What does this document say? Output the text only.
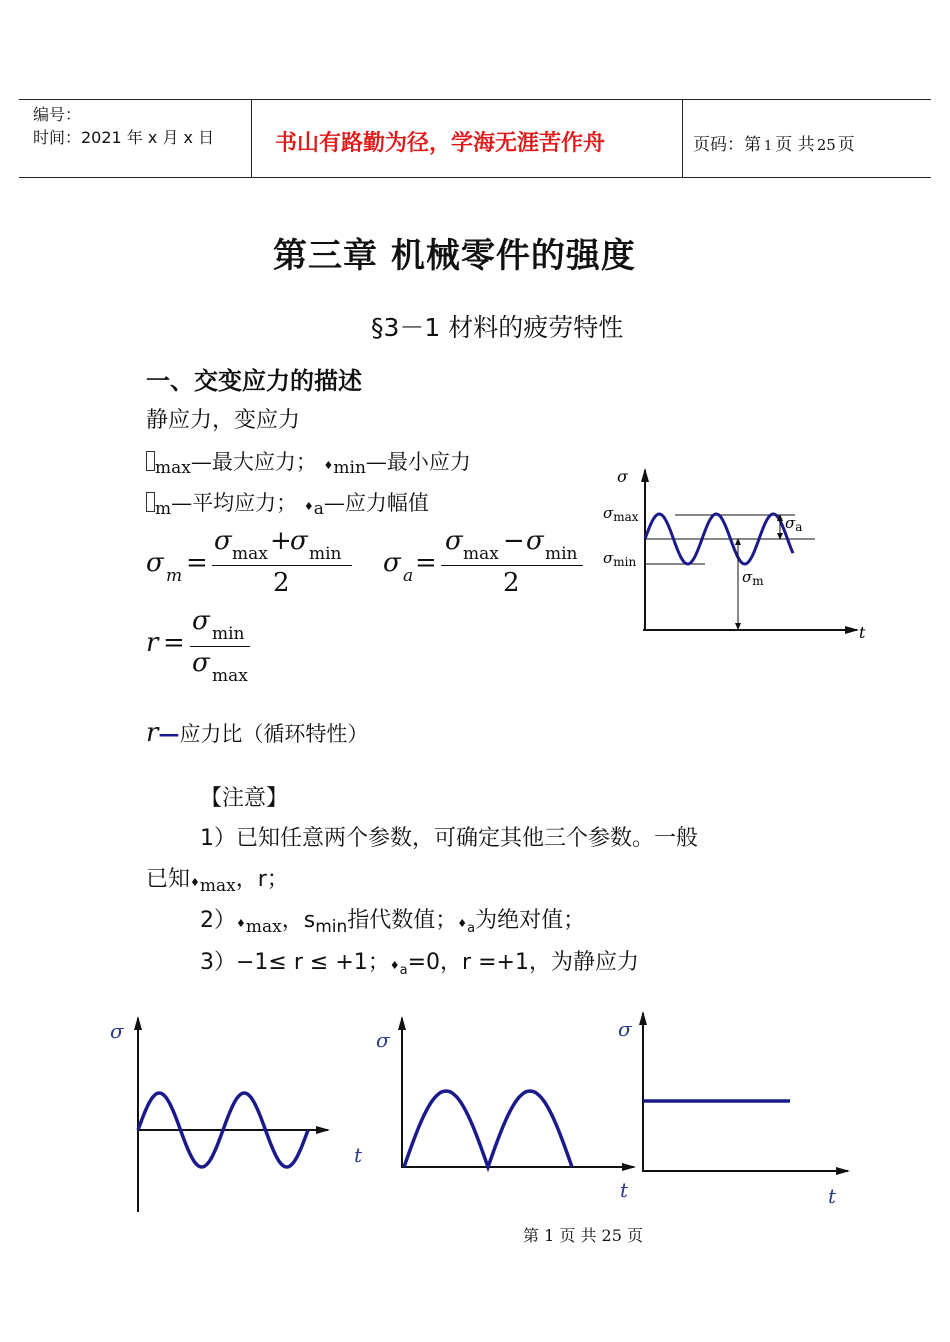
编号：
时间：2021 年 x 月 x 日	书山有路勤为径，学海无涯苦作舟	页码：第 1 页 共 25 页
第三章 机械零件的强度
§3－1 材料的疲劳特性
一、交变应力的描述
静应力，变应力
$_{max}$—最大应力； $♦_{min}—$最小应力
$_m$—平均应力； $♦_a—$应力幅值
σ m =
σ max +
σ min
2
σ a =
σ max − σ min
2
r =
σ min
σ max
r—应力比（循环特性）
【注意】
1）已知任意两个参数，可确定其他三个参数。一般
已知$♦_{max}$，r；
$2)♦_{max}$，$s_{min}$指代数值；$♦_a$为绝对值；
3）−1≤ r ≤ +1；$♦_a=0$，r =+1，为静应力
σ
$\sigma_{max}$
$\sigma_{min}$
$\sigma_a$
$\sigma_m$
t
σ
t
σ
t
σ
t
第 1 页 共 25 页
